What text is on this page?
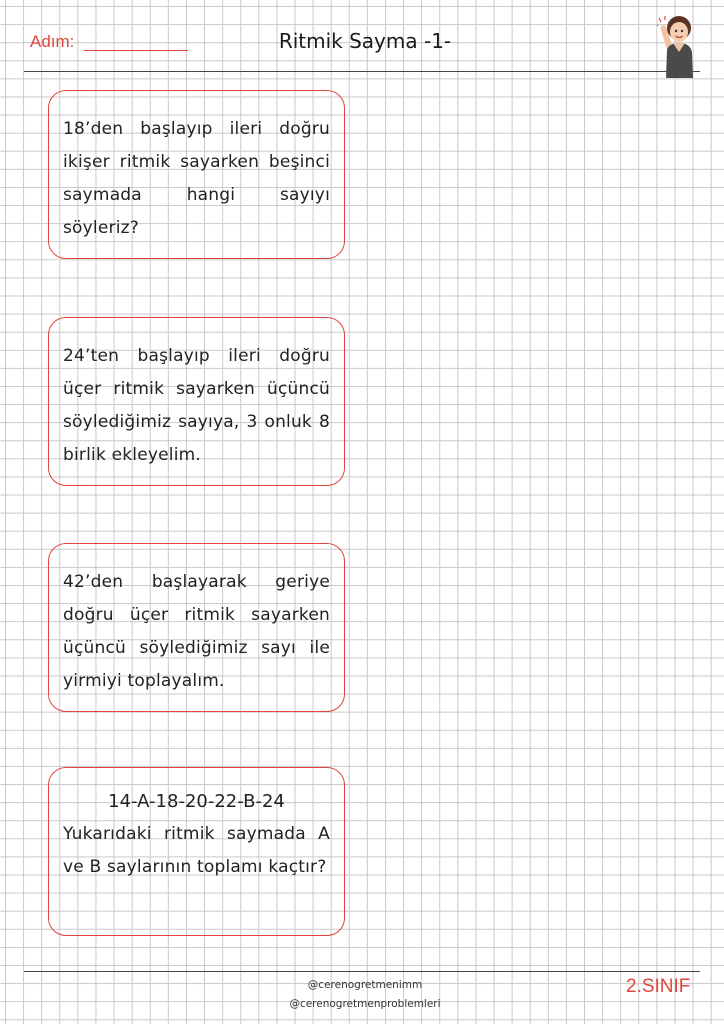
Adım:	Ritmik Sayma -1-

18’den başlayıp ileri doğru ikişer ritmik sayarken beşinci saymada hangi sayıyı söyleriz?

24’ten başlayıp ileri doğru üçer ritmik sayarken üçüncü söylediğimiz sayıya, 3 onluk 8 birlik ekleyelim.

42’den başlayarak geriye doğru üçer ritmik sayarken üçüncü söylediğimiz sayı ile yirmiyi toplayalım.

14-A-18-20-22-B-24

Yukarıdaki ritmik saymada A ve B saylarının toplamı kaçtır?

@cerenogretmenimm
@cerenogretmenproblemleri
2.SINIF
